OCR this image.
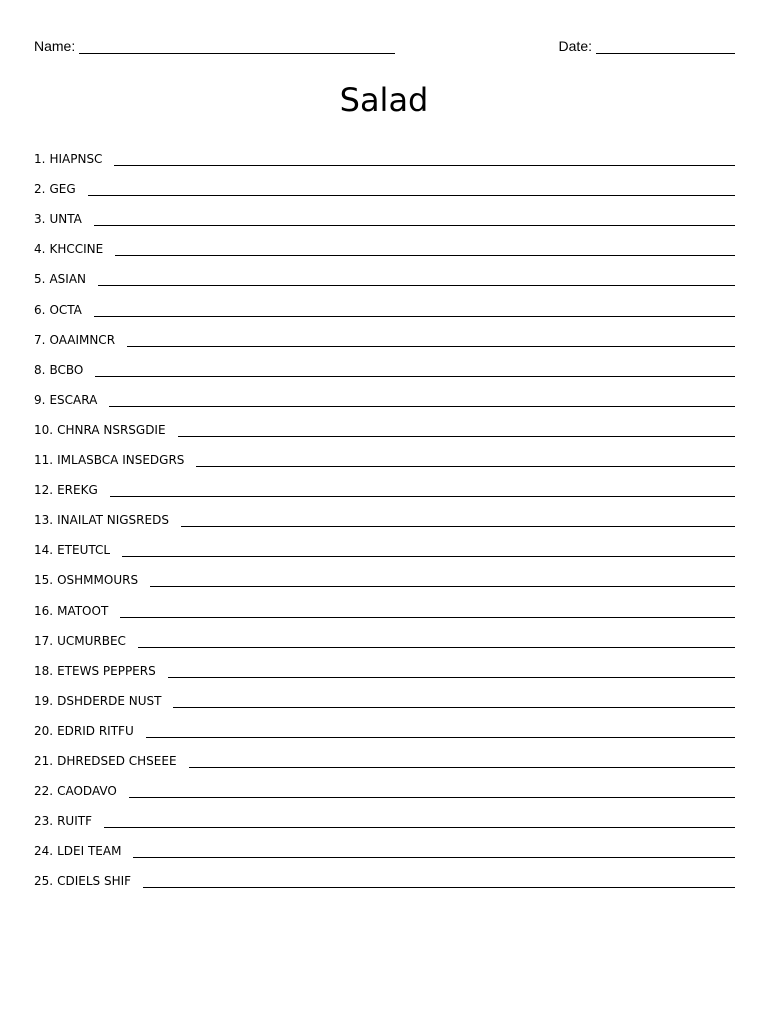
Name:	Date:
Salad
1. HIAPNSC
2. GEG
3. UNTA
4. KHCCINE
5. ASIAN
6. OCTA
7. OAAIMNCR
8. BCBO
9. ESCARA
10. CHNRA NSRSGDIE
11. IMLASBCA INSEDGRS
12. EREKG
13. INAILAT NIGSREDS
14. ETEUTCL
15. OSHMMOURS
16. MATOOT
17. UCMURBEC
18. ETEWS PEPPERS
19. DSHDERDE NUST
20. EDRID RITFU
21. DHREDSED CHSEEE
22. CAODAVO
23. RUITF
24. LDEI TEAM
25. CDIELS SHIF
